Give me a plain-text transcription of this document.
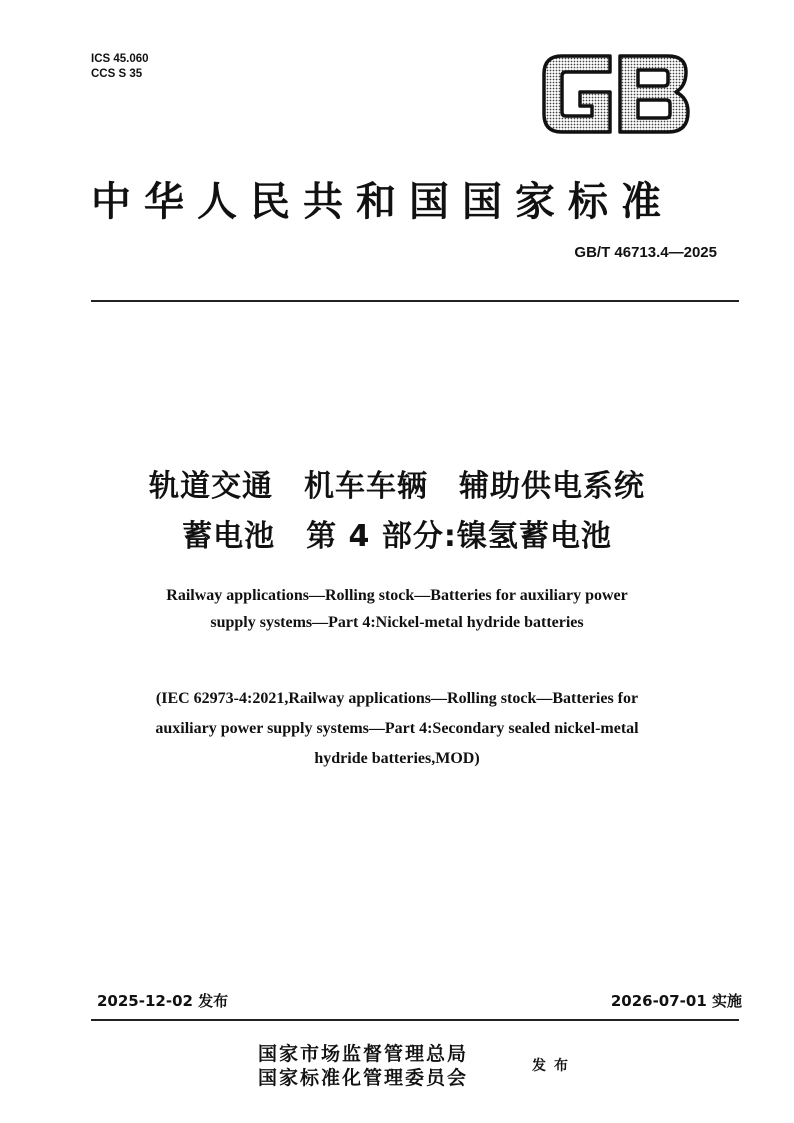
ICS 45.060
CCS S 35
中华人民共和国国家标准
GB/T 46713.4—2025
轨道交通　机车车辆　辅助供电系统
蓄电池　第 4 部分:镍氢蓄电池
Railway applications—Rolling stock—Batteries for auxiliary power
supply systems—Part 4:Nickel-metal hydride batteries
(IEC 62973-4:2021,Railway applications—Rolling stock—Batteries for
auxiliary power supply systems—Part 4:Secondary sealed nickel-metal
hydride batteries,MOD)
2025-12-02 发布	2026-07-01 实施
国家市场监督管理总局
国家标准化管理委员会
发布
